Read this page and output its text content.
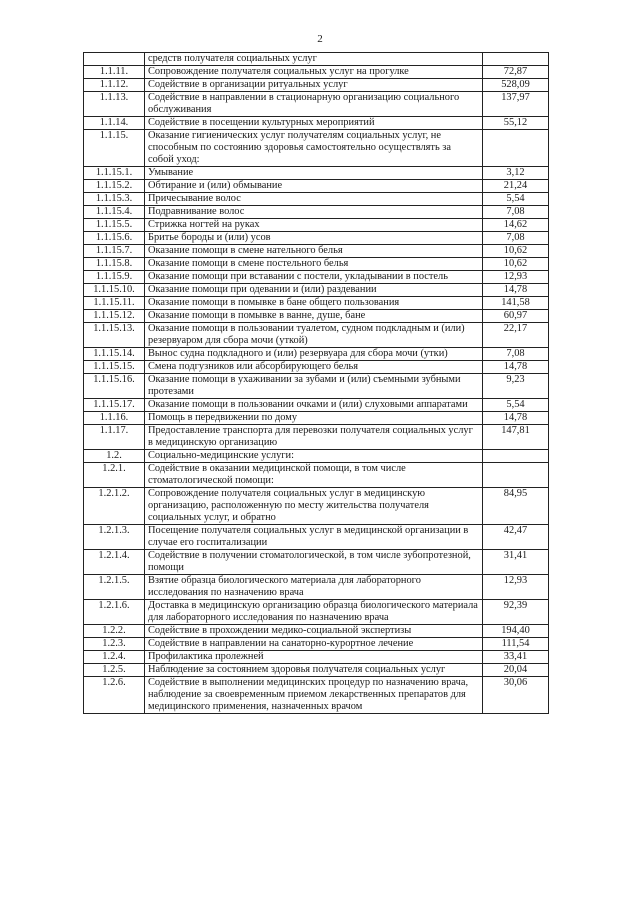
2
	средств получателя социальных услуг	
1.1.11.	Сопровождение получателя социальных услуг на прогулке	72,87
1.1.12.	Содействие в организации ритуальных услуг	528,09
1.1.13.	Содействие в направлении в стационарную организацию социального обслуживания	137,97
1.1.14.	Содействие в посещении культурных мероприятий	55,12
1.1.15.	Оказание гигиенических услуг получателям социальных услуг, не способным по состоянию здоровья самостоятельно осуществлять за собой уход:	
1.1.15.1.	Умывание	3,12
1.1.15.2.	Обтирание и (или) обмывание	21,24
1.1.15.3.	Причесывание волос	5,54
1.1.15.4.	Подравнивание волос	7,08
1.1.15.5.	Стрижка ногтей на руках	14,62
1.1.15.6.	Бритье бороды и (или) усов	7,08
1.1.15.7.	Оказание помощи в смене нательного белья	10,62
1.1.15.8.	Оказание помощи в смене постельного белья	10,62
1.1.15.9.	Оказание помощи при вставании с постели, укладывании в постель	12,93
1.1.15.10.	Оказание помощи при одевании и (или) раздевании	14,78
1.1.15.11.	Оказание помощи в помывке в бане общего пользования	141,58
1.1.15.12.	Оказание помощи в помывке в ванне, душе, бане	60,97
1.1.15.13.	Оказание помощи в пользовании туалетом, судном подкладным и (или) резервуаром для сбора мочи (уткой)	22,17
1.1.15.14.	Вынос судна подкладного и (или) резервуара для сбора мочи (утки)	7,08
1.1.15.15.	Смена подгузников или абсорбирующего белья	14,78
1.1.15.16.	Оказание помощи в ухаживании за зубами и (или) съемными зубными протезами	9,23
1.1.15.17.	Оказание помощи в пользовании очками и (или) слуховыми аппаратами	5,54
1.1.16.	Помощь в передвижении по дому	14,78
1.1.17.	Предоставление транспорта для перевозки получателя социальных услуг в медицинскую организацию	147,81
1.2.	Социально-медицинские услуги:	
1.2.1.	Содействие в оказании медицинской помощи, в том числе стоматологической помощи:	
1.2.1.2.	Сопровождение получателя социальных услуг в медицинскую организацию, расположенную по месту жительства получателя социальных услуг, и обратно	84,95
1.2.1.3.	Посещение получателя социальных услуг в медицинской организации в случае его госпитализации	42,47
1.2.1.4.	Содействие в получении стоматологической, в том числе зубопротезной, помощи	31,41
1.2.1.5.	Взятие образца биологического материала для лабораторного исследования по назначению врача	12,93
1.2.1.6.	Доставка в медицинскую организацию образца биологического материала для лабораторного исследования по назначению врача	92,39
1.2.2.	Содействие в прохождении медико-социальной экспертизы	194,40
1.2.3.	Содействие в направлении на санаторно-курортное лечение	111,54
1.2.4.	Профилактика пролежней	33,41
1.2.5.	Наблюдение за состоянием здоровья получателя социальных услуг	20,04
1.2.6.	Содействие в выполнении медицинских процедур по назначению врача, наблюдение за своевременным приемом лекарственных препаратов для медицинского применения, назначенных врачом	30,06
